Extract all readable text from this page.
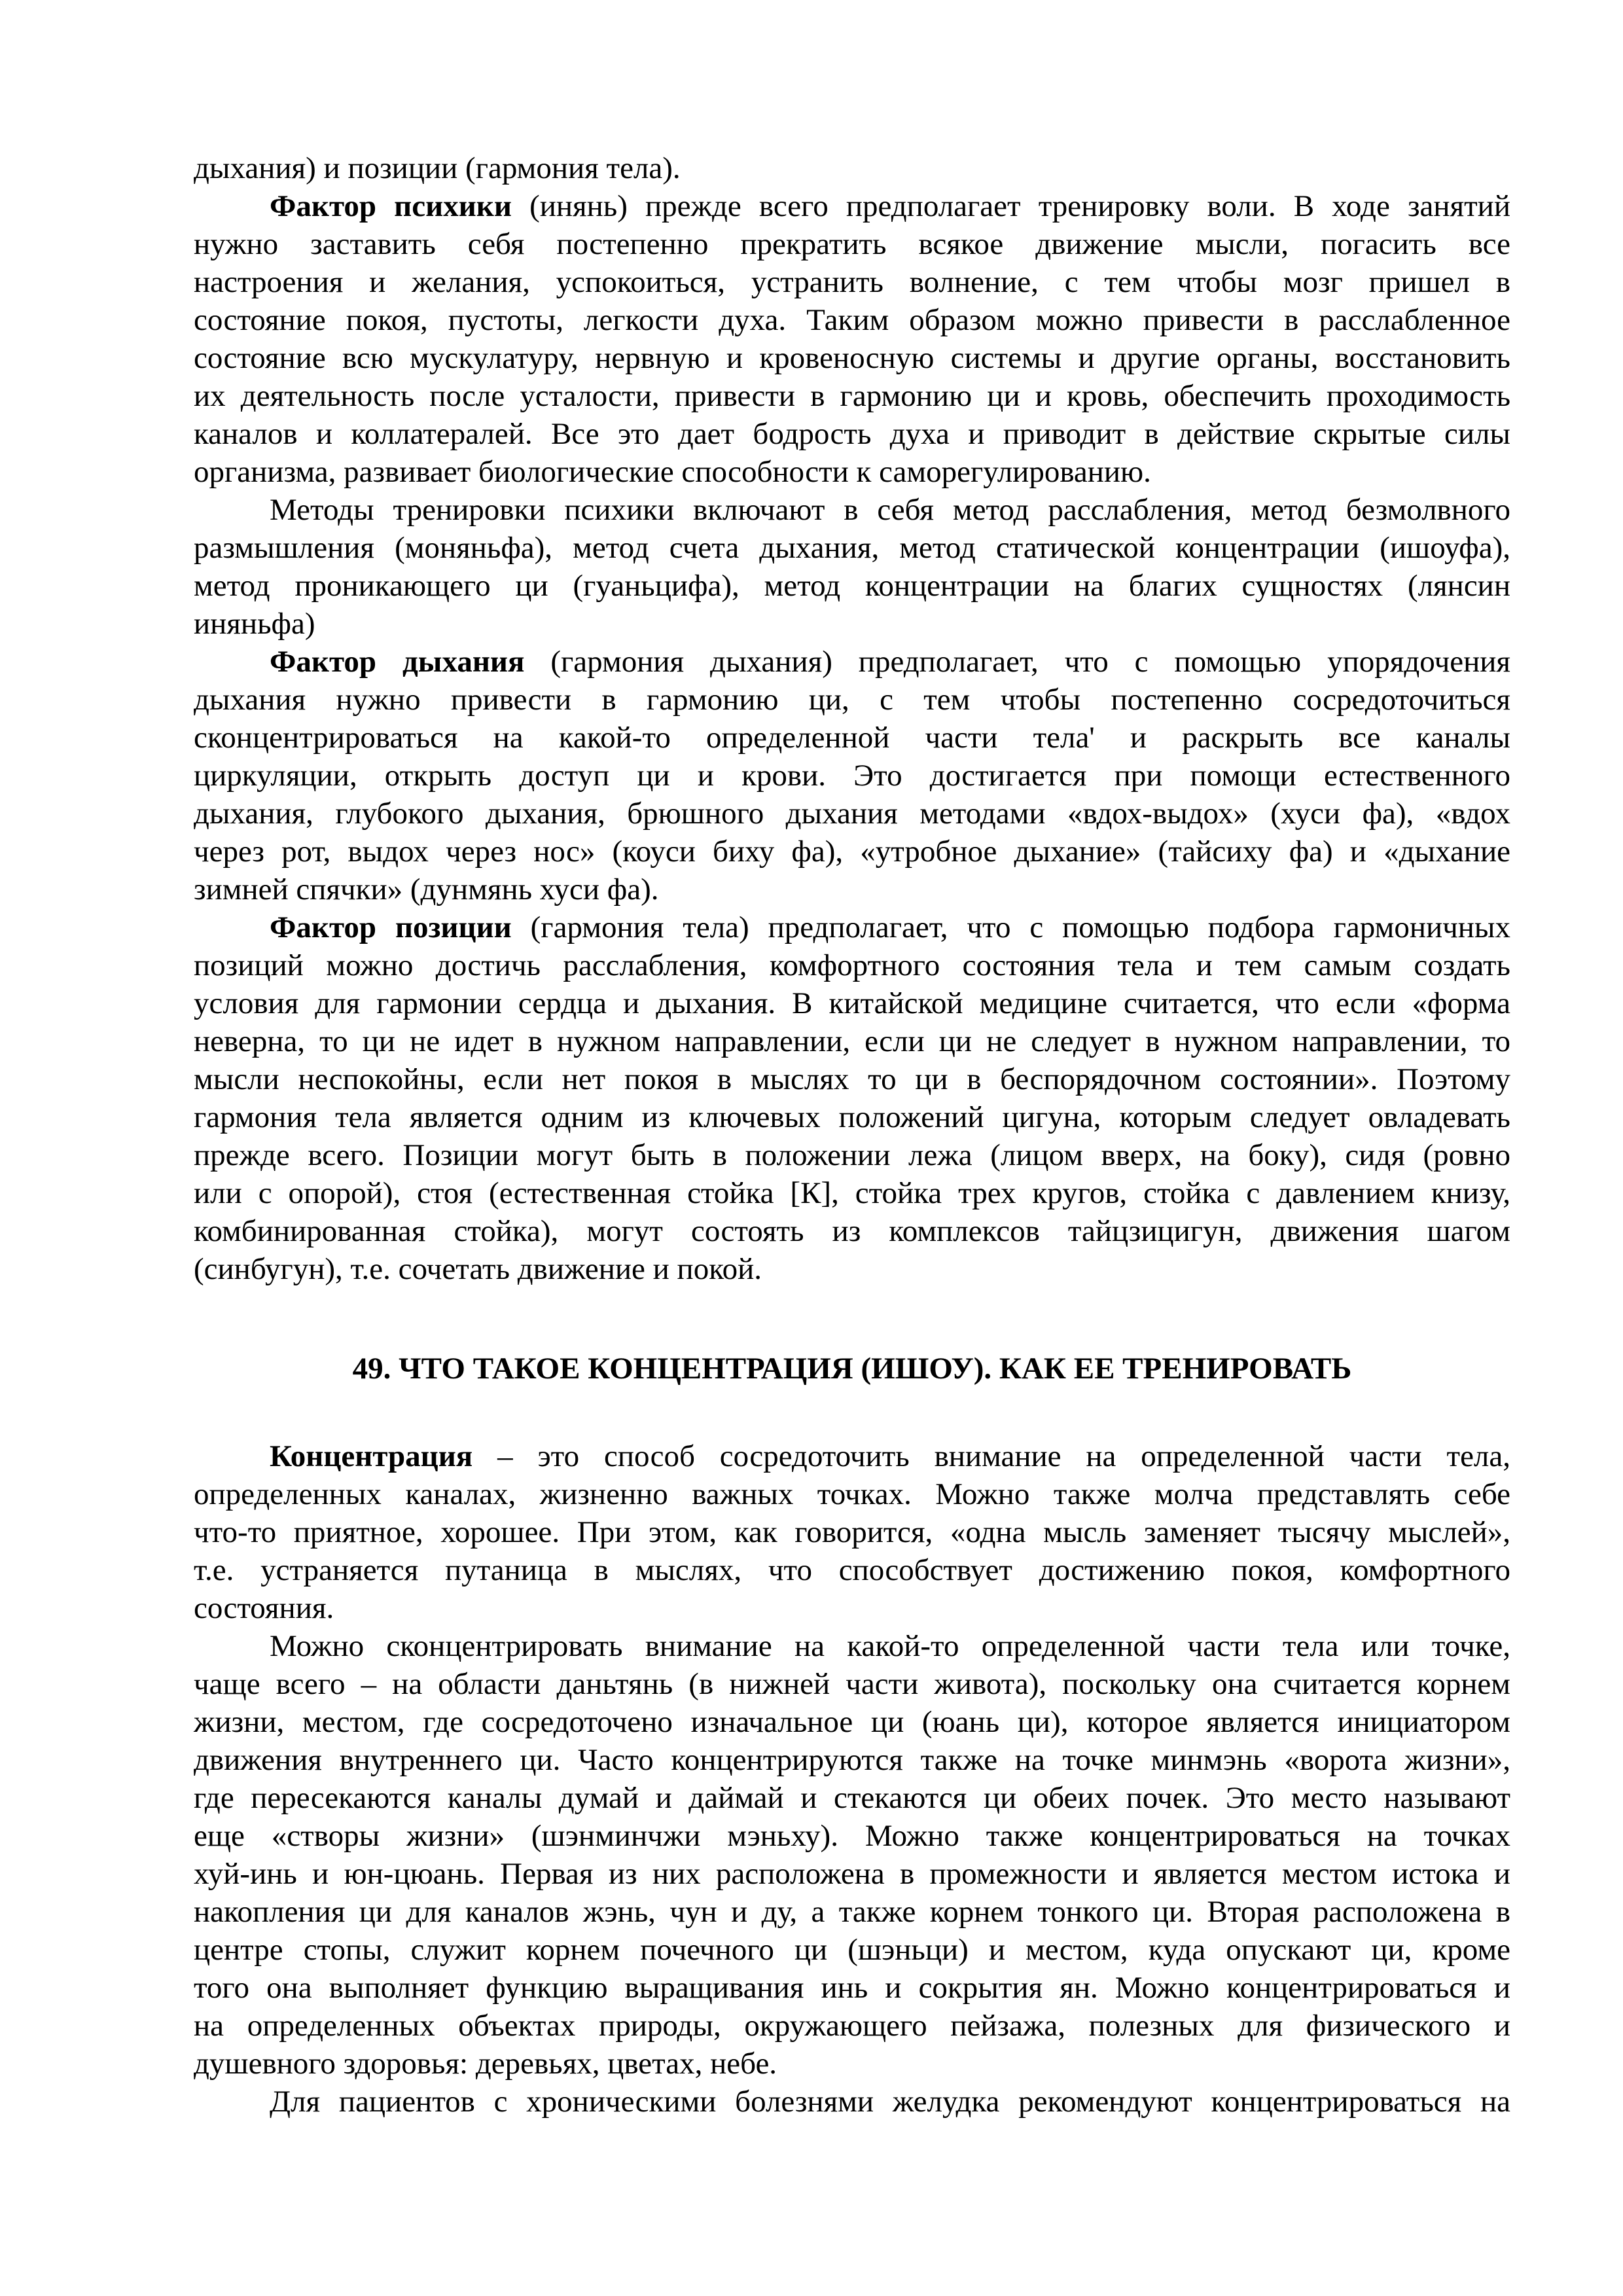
дыхания) и позиции (гармония тела).
Фактор психики (инянь) прежде всего предполагает тренировку воли. В ходе занятий
нужно заставить себя постепенно прекратить всякое движение мысли, погасить все
настроения и желания, успокоиться, устранить волнение, с тем чтобы мозг пришел в
состояние покоя, пустоты, легкости духа. Таким образом можно привести в расслабленное
состояние всю мускулатуру, нервную и кровеносную системы и другие органы, восстановить
их деятельность после усталости, привести в гармонию ци и кровь, обеспечить проходимость
каналов и коллатералей. Все это дает бодрость духа и приводит в действие скрытые силы
организма, развивает биологические способности к саморегулированию.
Методы тренировки психики включают в себя метод расслабления, метод безмолвного
размышления (моняньфа), метод счета дыхания, метод статической концентрации (ишоуфа),
метод проникающего ци (гуаньцифа), метод концентрации на благих сущностях (лянсин
иняньфа)
Фактор дыхания (гармония дыхания) предполагает, что с помощью упорядочения
дыхания нужно привести в гармонию ци, с тем чтобы постепенно сосредоточиться
сконцентрироваться на какой-то определенной части тела' и раскрыть все каналы
циркуляции, открыть доступ ци и крови. Это достигается при помощи естественного
дыхания, глубокого дыхания, брюшного дыхания методами «вдох-выдох» (хуси фа), «вдох
через рот, выдох через нос» (коуси биху фа), «утробное дыхание» (тайсиху фа) и «дыхание
зимней спячки» (дунмянь хуси фа).
Фактор позиции (гармония тела) предполагает, что с помощью подбора гармоничных
позиций можно достичь расслабления, комфортного состояния тела и тем самым создать
условия для гармонии сердца и дыхания. В китайской медицине считается, что если «форма
неверна, то ци не идет в нужном направлении, если ци не следует в нужном направлении, то
мысли неспокойны, если нет покоя в мыслях то ци в беспорядочном состоянии». Поэтому
гармония тела является одним из ключевых положений цигуна, которым следует овладевать
прежде всего. Позиции могут быть в положении лежа (лицом вверх, на боку), сидя (ровно
или с опорой), стоя (естественная стойка [К], стойка трех кругов, стойка с давлением книзу,
комбинированная стойка), могут состоять из комплексов тайцзицигун, движения шагом
(синбугун), т.е. сочетать движение и покой.
49. ЧТО ТАКОЕ КОНЦЕНТРАЦИЯ (ИШОУ). КАК ЕЕ ТРЕНИРОВАТЬ
Концентрация – это способ сосредоточить внимание на определенной части тела,
определенных каналах, жизненно важных точках. Можно также молча представлять себе
что-то приятное, хорошее. При этом, как говорится, «одна мысль заменяет тысячу мыслей»,
т.е. устраняется путаница в мыслях, что способствует достижению покоя, комфортного
состояния.
Можно сконцентрировать внимание на какой-то определенной части тела или точке,
чаще всего – на области даньтянь (в нижней части живота), поскольку она считается корнем
жизни, местом, где сосредоточено изначальное ци (юань ци), которое является инициатором
движения внутреннего ци. Часто концентрируются также на точке минмэнь «ворота жизни»,
где пересекаются каналы думай и даймай и стекаются ци обеих почек. Это место называют
еще «створы жизни» (шэнминчжи мэньху). Можно также концентрироваться на точках
хуй-инь и юн-цюань. Первая из них расположена в промежности и является местом истока и
накопления ци для каналов жэнь, чун и ду, а также корнем тонкого ци. Вторая расположена в
центре стопы, служит корнем почечного ци (шэньци) и местом, куда опускают ци, кроме
того она выполняет функцию выращивания инь и сокрытия ян. Можно концентрироваться и
на определенных объектах природы, окружающего пейзажа, полезных для физического и
душевного здоровья: деревьях, цветах, небе.
Для пациентов с хроническими болезнями желудка рекомендуют концентрироваться на
